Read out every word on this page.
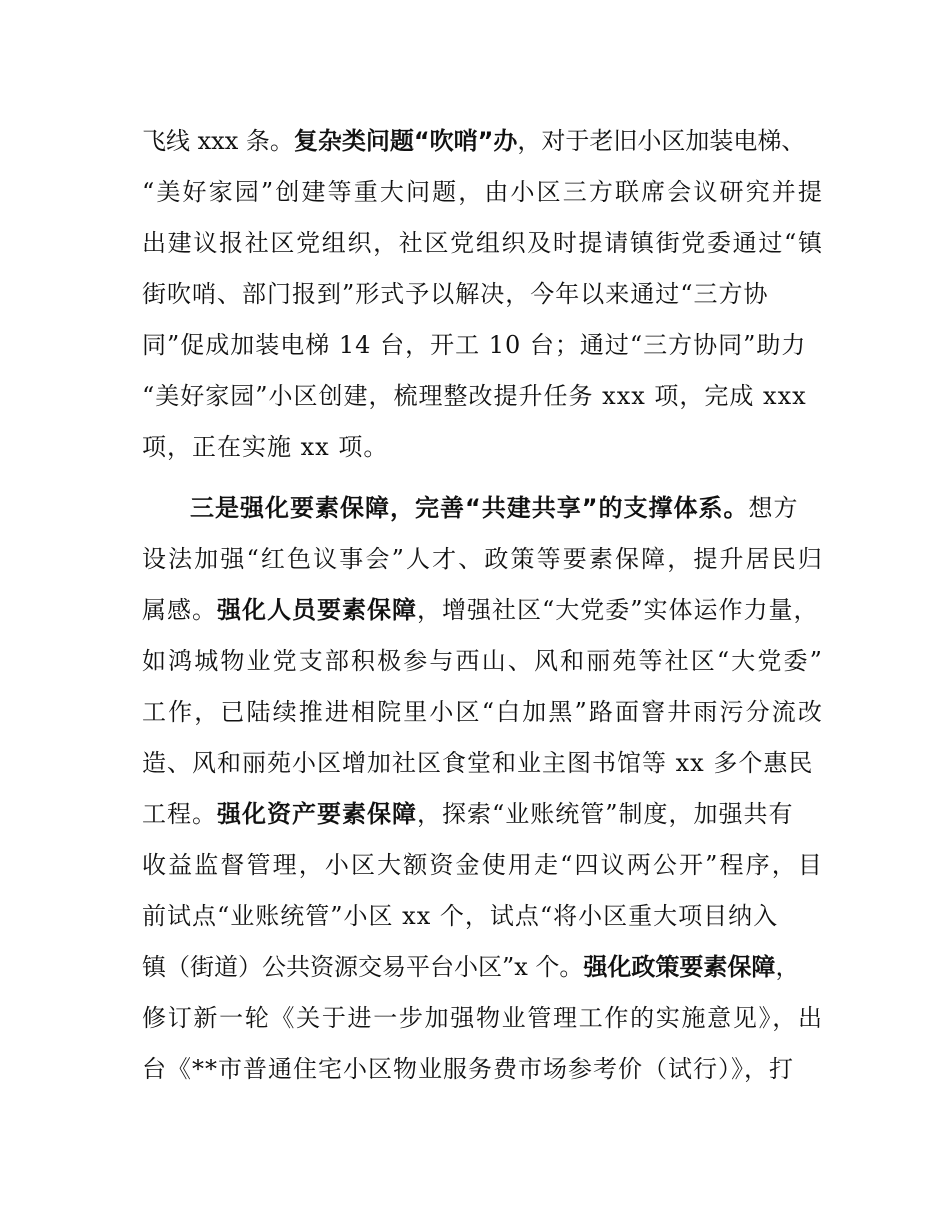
飞线 xxx 条。复杂类问题“吹哨”办，对于老旧小区加装电梯、
“美好家园”创建等重大问题，由小区三方联席会议研究并提
出建议报社区党组织，社区党组织及时提请镇街党委通过“镇
街吹哨、部门报到”形式予以解决，今年以来通过“三方协
同”促成加装电梯 14 台，开工 10 台；通过“三方协同”助力
“美好家园”小区创建，梳理整改提升任务 xxx 项，完成 xxx
项，正在实施 xx 项。
三是强化要素保障，完善“共建共享”的支撑体系。想方
设法加强“红色议事会”人才、政策等要素保障，提升居民归
属感。强化人员要素保障，增强社区“大党委”实体运作力量，
如鸿城物业党支部积极参与西山、风和丽苑等社区“大党委”
工作，已陆续推进相院里小区“白加黑”路面窨井雨污分流改
造、风和丽苑小区增加社区食堂和业主图书馆等 xx 多个惠民
工程。强化资产要素保障，探索“业账统管”制度，加强共有
收益监督管理，小区大额资金使用走“四议两公开”程序，目
前试点“业账统管”小区 xx 个，试点“将小区重大项目纳入
镇（街道）公共资源交易平台小区”x 个。强化政策要素保障，
修订新一轮《关于进一步加强物业管理工作的实施意见》，出
台《**市普通住宅小区物业服务费市场参考价（试行）》，打
